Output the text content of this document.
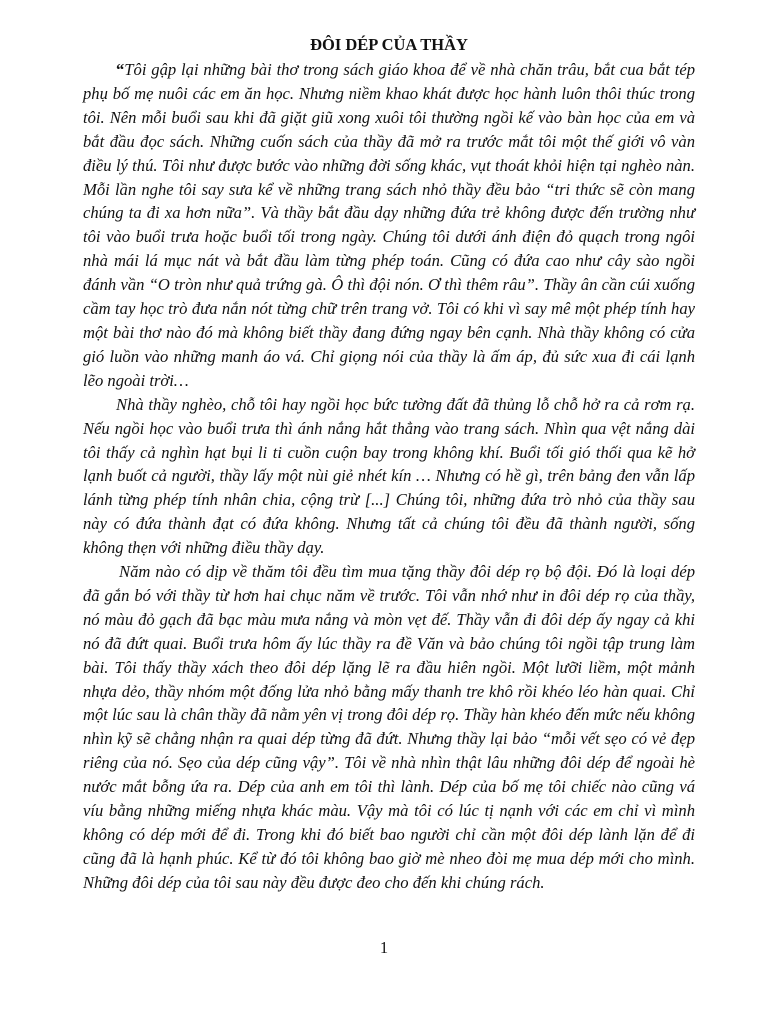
ĐÔI DÉP CỦA THẦY

“Tôi gập lại những bài thơ trong sách giáo khoa để về nhà chăn trâu, bắt cua bắt tép phụ bố mẹ nuôi các em ăn học. Nhưng niềm khao khát được học hành luôn thôi thúc trong tôi. Nên mỗi buổi sau khi đã giặt giũ xong xuôi tôi thường ngồi kế vào bàn học của em và bắt đầu đọc sách. Những cuốn sách của thầy đã mở ra trước mắt tôi một thế giới vô vàn điều lý thú. Tôi như được bước vào những đời sống khác, vụt thoát khỏi hiện tại nghèo nàn. Mỗi lần nghe tôi say sưa kể về những trang sách nhỏ thầy đều bảo “tri thức sẽ còn mang chúng ta đi xa hơn nữa”. Và thầy bắt đầu dạy những đứa trẻ không được đến trường như tôi vào buổi trưa hoặc buổi tối trong ngày. Chúng tôi dưới ánh điện đỏ quạch trong ngôi nhà mái lá mục nát và bắt đầu làm từng phép toán. Cũng có đứa cao như cây sào ngồi đánh vần “O tròn như quả trứng gà. Ô thì đội nón. Ơ thì thêm râu”. Thầy ân cần cúi xuống cầm tay học trò đưa nắn nót từng chữ trên trang vở. Tôi có khi vì say mê một phép tính hay một bài thơ nào đó mà không biết thầy đang đứng ngay bên cạnh. Nhà thầy không có cửa gió luồn vào những manh áo vá. Chỉ giọng nói của thầy là ấm áp, đủ sức xua đi cái lạnh lẽo ngoài trời…

Nhà thầy nghèo, chỗ tôi hay ngồi học bức tường đất đã thủng lỗ chỗ hở ra cả rơm rạ. Nếu ngồi học vào buổi trưa thì ánh nắng hắt thẳng vào trang sách. Nhìn qua vệt nắng dài tôi thấy cả nghìn hạt bụi li ti cuồn cuộn bay trong không khí. Buổi tối gió thối qua kẽ hở lạnh buốt cả người, thầy lấy một nùi giẻ nhét kín … Nhưng có hề gì, trên bảng đen vẫn lấp lánh từng phép tính nhân chia, cộng trừ [...] Chúng tôi, những đứa trò nhỏ của thầy sau này có đứa thành đạt có đứa không. Nhưng tất cả chúng tôi đều đã thành người, sống không thẹn với những điều thầy dạy.

Năm nào có dịp về thăm tôi đều tìm mua tặng thầy đôi dép rọ bộ đội. Đó là loại dép đã gắn bó với thầy từ hơn hai chục năm về trước. Tôi vẫn nhớ như in đôi dép rọ của thầy, nó màu đỏ gạch đã bạc màu mưa nắng và mòn vẹt đế. Thầy vẫn đi đôi dép ấy ngay cả khi nó đã đứt quai. Buổi trưa hôm ấy lúc thầy ra đề Văn và bảo chúng tôi ngồi tập trung làm bài. Tôi thấy thầy xách theo đôi dép lặng lẽ ra đầu hiên ngồi. Một lưỡi liềm, một mảnh nhựa dẻo, thầy nhóm một đống lửa nhỏ bằng mấy thanh tre khô rồi khéo léo hàn quai. Chỉ một lúc sau là chân thầy đã nằm yên vị trong đôi dép rọ. Thầy hàn khéo đến mức nếu không nhìn kỹ sẽ chẳng nhận ra quai dép từng đã đứt. Nhưng thầy lại bảo “mỗi vết sẹo có vẻ đẹp riêng của nó. Sẹo của dép cũng vậy”. Tôi về nhà nhìn thật lâu những đôi dép để ngoài hè nước mắt bỗng ứa ra. Dép của anh em tôi thì lành. Dép của bố mẹ tôi chiếc nào cũng vá víu bằng những miếng nhựa khác màu. Vậy mà tôi có lúc tị nạnh với các em chỉ vì mình không có dép mới để đi. Trong khi đó biết bao người chỉ cần một đôi dép lành lặn để đi cũng đã là hạnh phúc. Kể từ đó tôi không bao giờ mè nheo đòi mẹ mua dép mới cho mình. Những đôi dép của tôi sau này đều được đeo cho đến khi chúng rách.

1
